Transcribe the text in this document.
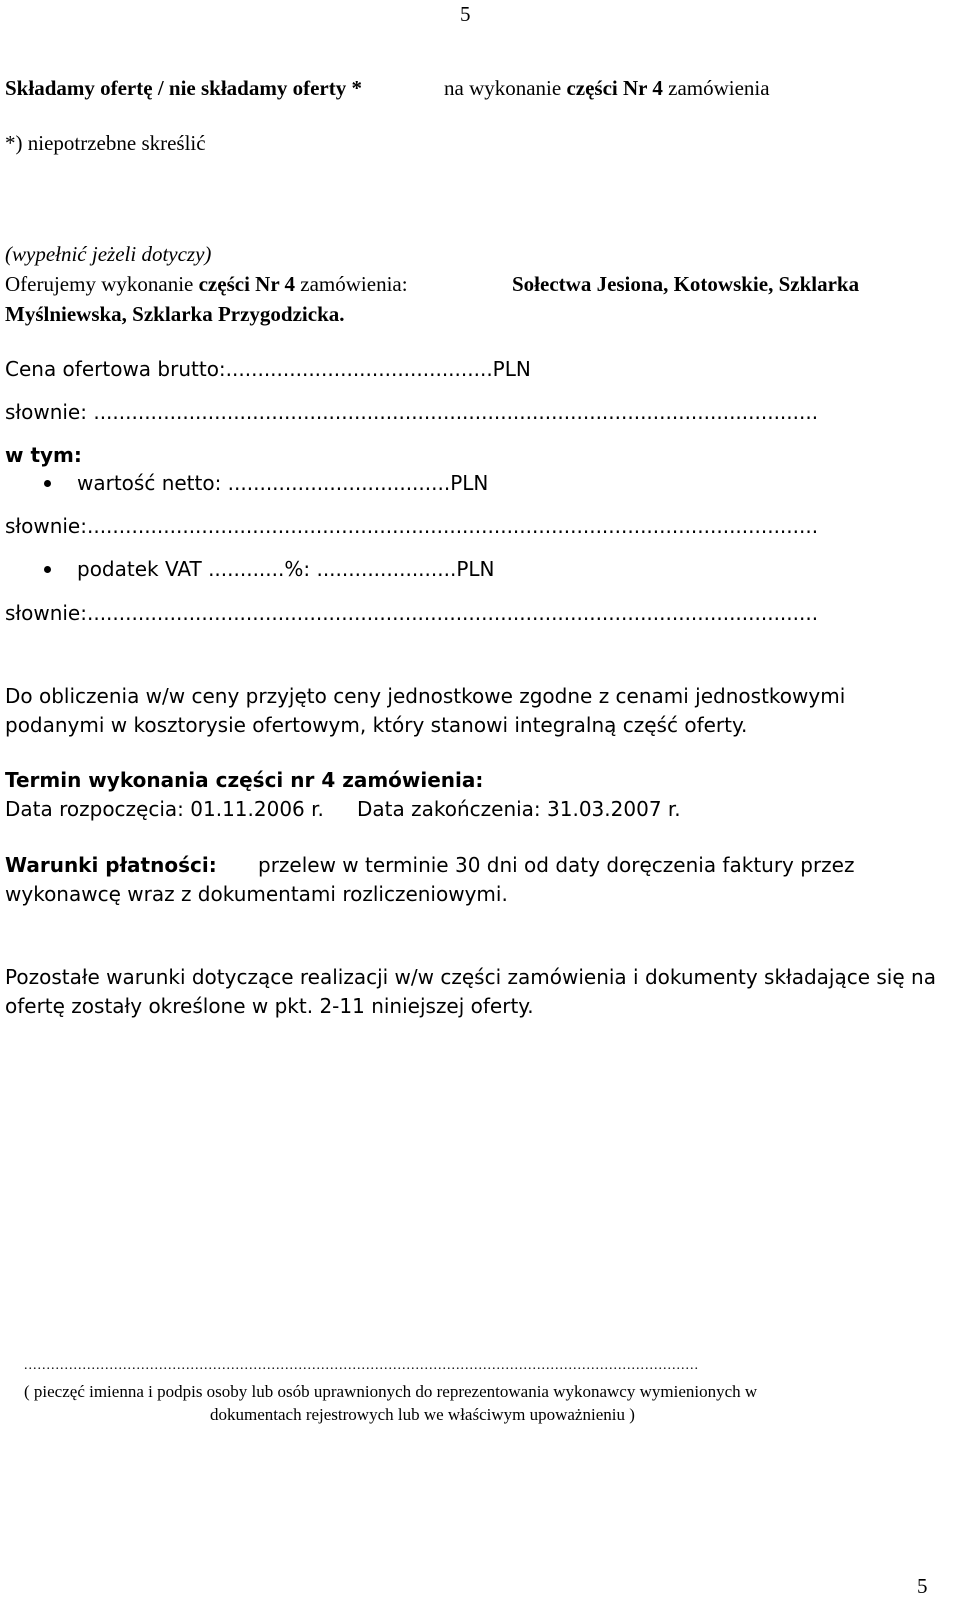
5
Składamy ofertę / nie składamy oferty *	na wykonanie części Nr 4 zamówienia
*) niepotrzebne skreślić
(wypełnić jeżeli dotyczy)
Oferujemy wykonanie części Nr 4 zamówienia:	Sołectwa Jesiona, Kotowskie, Szklarka
Myślniewska, Szklarka Przygodzicka.
Cena ofertowa brutto:..........................................PLN
słownie: ..................................................................................................................
w tym:
wartość netto: ...................................PLN
słownie:...................................................................................................................
podatek VAT ............%: ......................PLN
słownie:...................................................................................................................
Do obliczenia w/w ceny przyjęto ceny jednostkowe zgodne z cenami jednostkowymi
podanymi w kosztorysie ofertowym, który stanowi integralną część oferty.
Termin wykonania części nr 4 zamówienia:
Data rozpoczęcia: 01.11.2006 r. Data zakończenia: 31.03.2007 r.
Warunki płatności: przelew w terminie 30 dni od daty doręczenia faktury przez
wykonawcę wraz z dokumentami rozliczeniowymi.
Pozostałe warunki dotyczące realizacji w/w części zamówienia i dokumenty składające się na
ofertę zostały określone w pkt. 2-11 niniejszej oferty.
......................................................................................................................................................
( pieczęć imienna i podpis osoby lub osób uprawnionych do reprezentowania wykonawcy wymienionych w
dokumentach rejestrowych lub we właściwym upoważnieniu )
5
